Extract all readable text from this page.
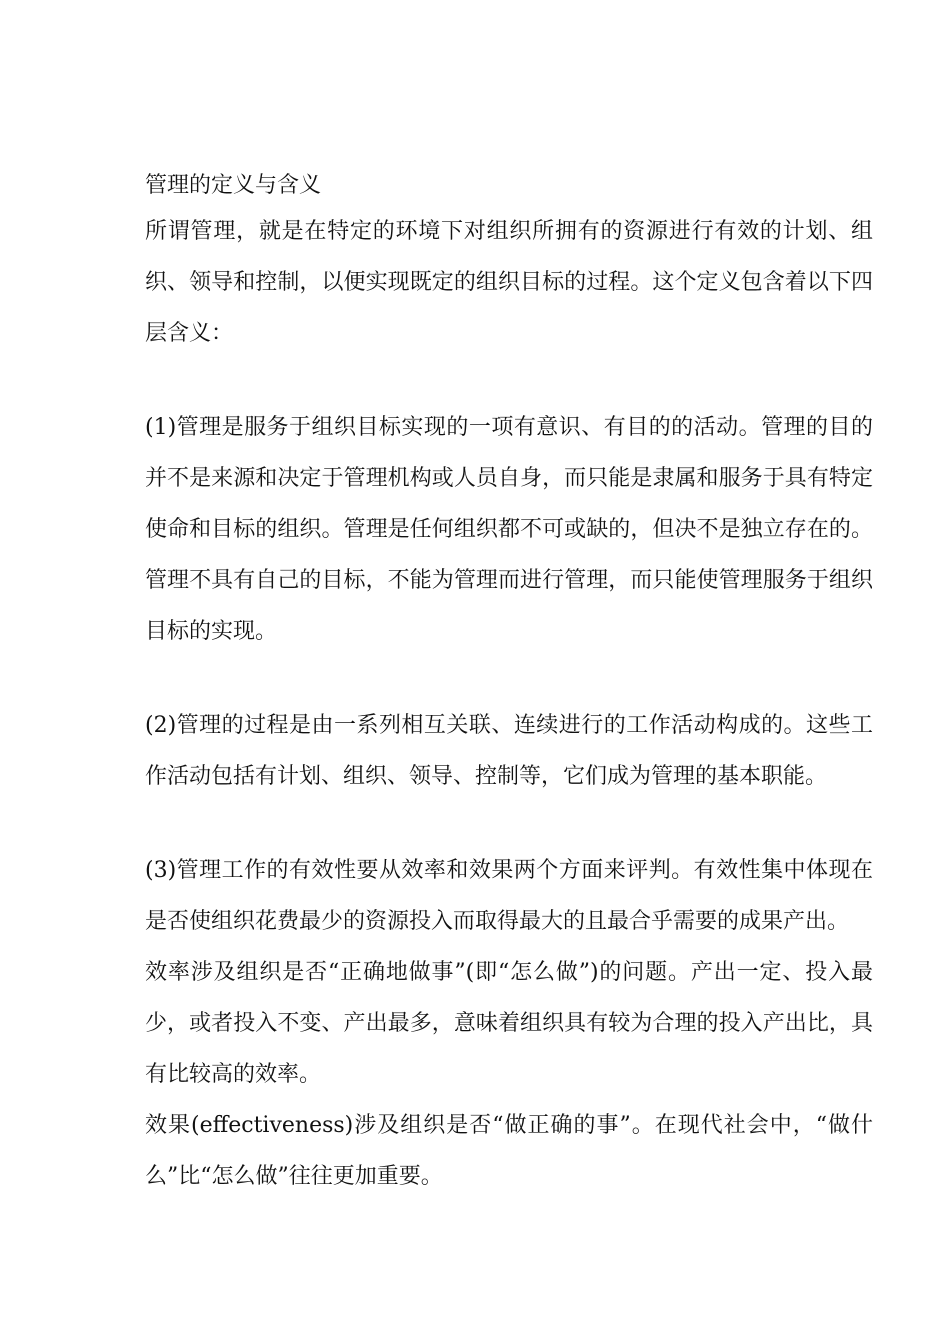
管理的定义与含义

所谓管理，就是在特定的环境下对组织所拥有的资源进行有效的计划、组织、领导和控制，以便实现既定的组织目标的过程。这个定义包含着以下四层含义：

(1)管理是服务于组织目标实现的一项有意识、有目的的活动。管理的目的并不是来源和决定于管理机构或人员自身，而只能是隶属和服务于具有特定使命和目标的组织。管理是任何组织都不可或缺的，但决不是独立存在的。管理不具有自己的目标，不能为管理而进行管理，而只能使管理服务于组织目标的实现。

(2)管理的过程是由一系列相互关联、连续进行的工作活动构成的。这些工作活动包括有计划、组织、领导、控制等，它们成为管理的基本职能。

(3)管理工作的有效性要从效率和效果两个方面来评判。有效性集中体现在是否使组织花费最少的资源投入而取得最大的且最合乎需要的成果产出。

效率涉及组织是否“正确地做事”(即“怎么做”)的问题。产出一定、投入最少，或者投入不变、产出最多，意味着组织具有较为合理的投入产出比，具有比较高的效率。

效果(effectiveness)涉及组织是否“做正确的事”。在现代社会中，“做什么”比“怎么做”往往更加重要。
